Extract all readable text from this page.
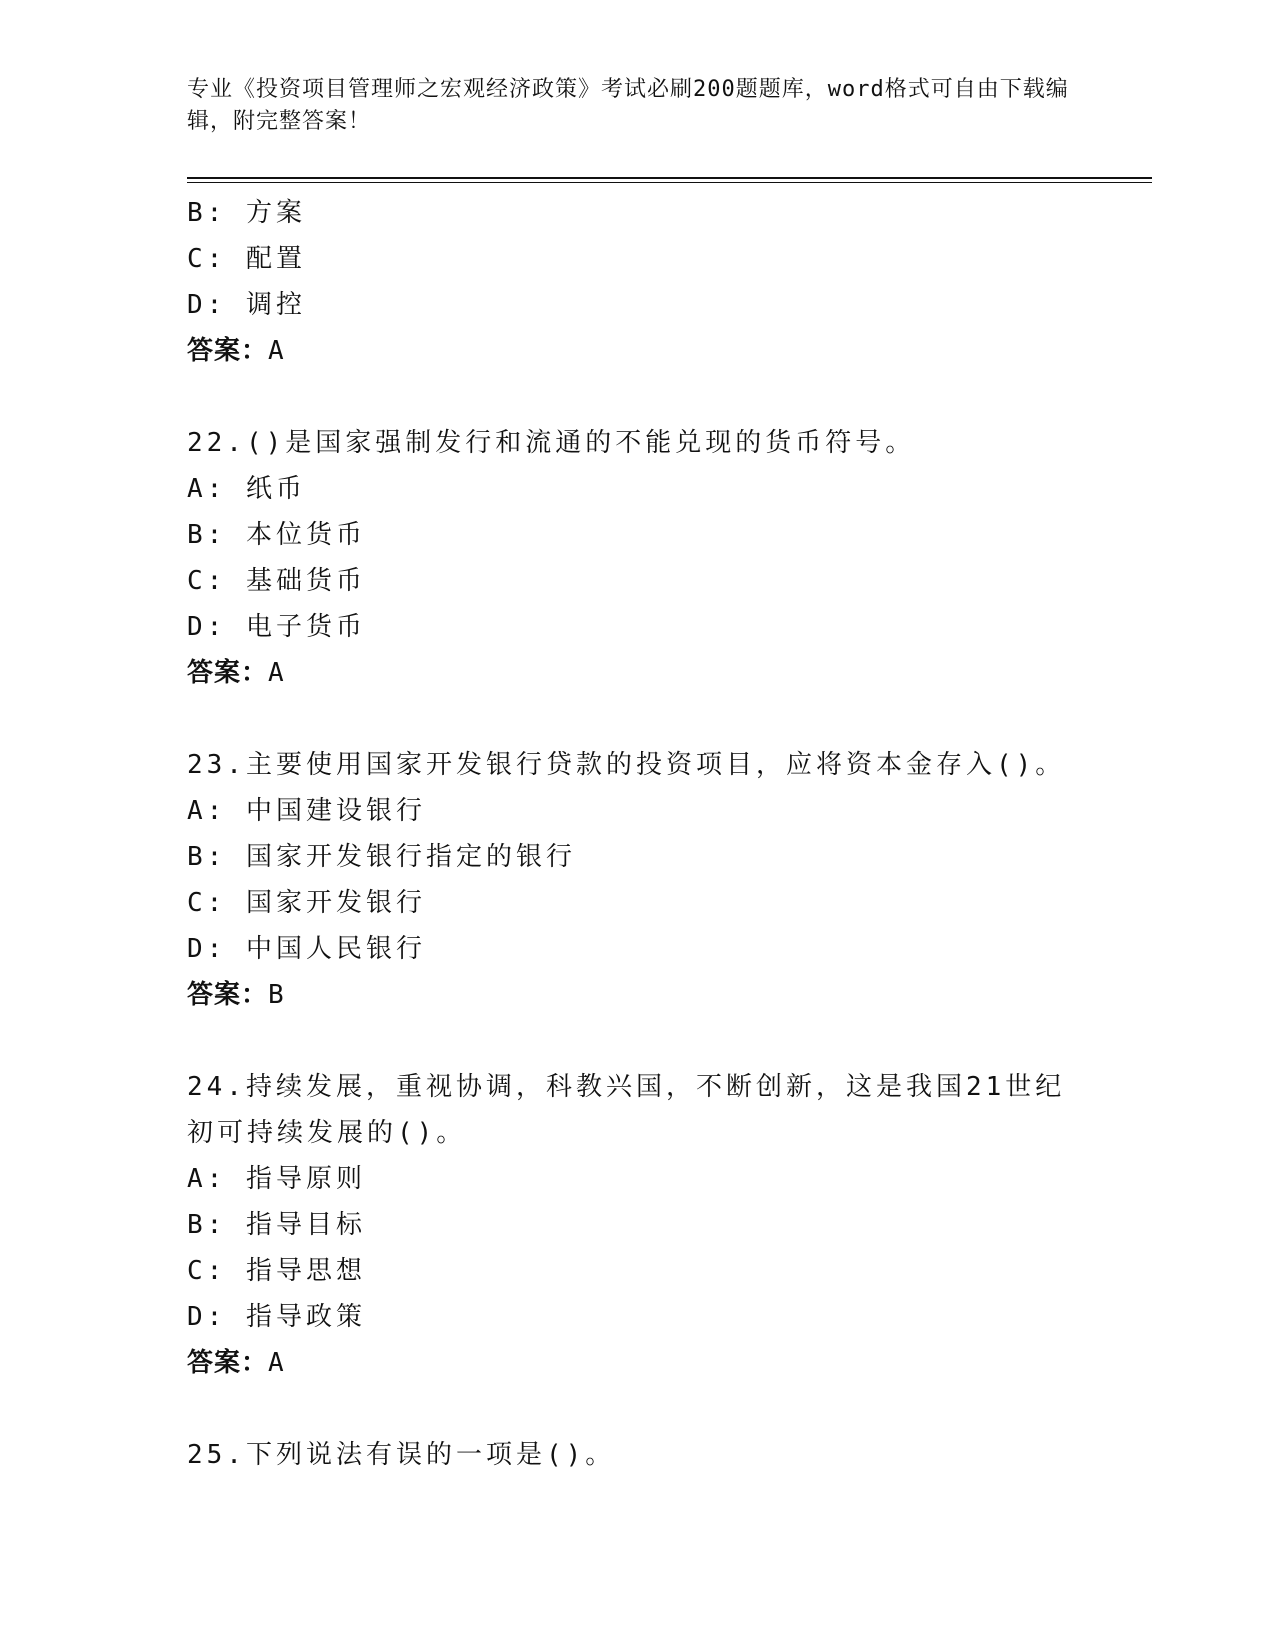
专业《投资项目管理师之宏观经济政策》考试必刷200题题库，word格式可自由下载编辑，附完整答案！
B: 方案
C: 配置
D: 调控
答案：A
22.()是国家强制发行和流通的不能兑现的货币符号。
A: 纸币
B: 本位货币
C: 基础货币
D: 电子货币
答案：A
23.主要使用国家开发银行贷款的投资项目，应将资本金存入()。
A: 中国建设银行
B: 国家开发银行指定的银行
C: 国家开发银行
D: 中国人民银行
答案：B
24.持续发展，重视协调，科教兴国，不断创新，这是我国21世纪初可持续发展的()。
A: 指导原则
B: 指导目标
C: 指导思想
D: 指导政策
答案：A
25.下列说法有误的一项是()。
